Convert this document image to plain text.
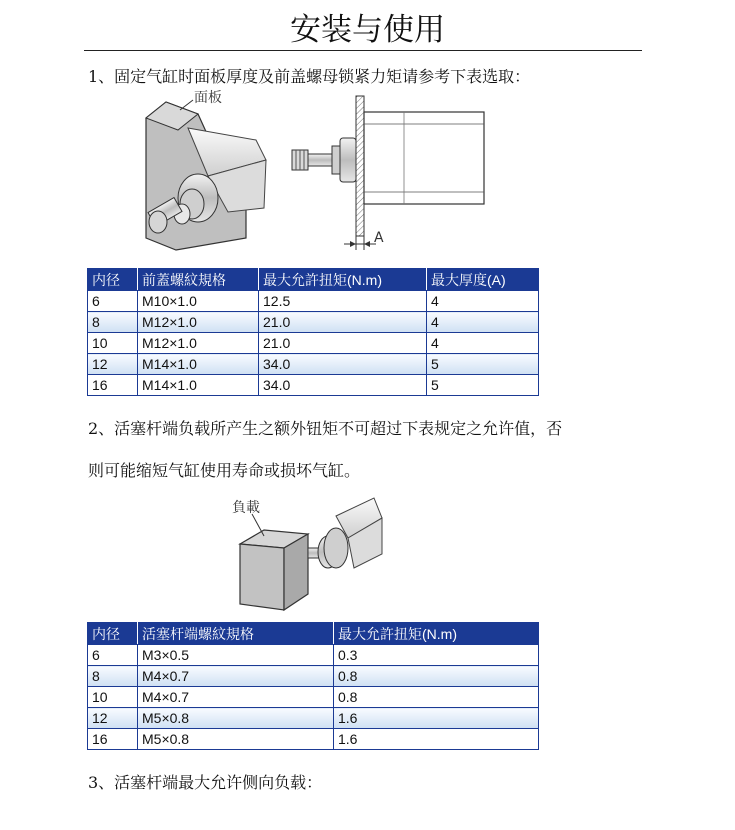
安装与使用
1、固定气缸时面板厚度及前盖螺母锁紧力矩请参考下表选取：
面板
A
内径	前蓋螺紋規格	最大允許扭矩(N.m)	最大厚度(A)
6	M10×1.0	12.5	4
8	M12×1.0	21.0	4
10	M12×1.0	21.0	4
12	M14×1.0	34.0	5
16	M14×1.0	34.0	5
2、活塞杆端负载所产生之额外钮矩不可超过下表规定之允许值，否
则可能缩短气缸使用寿命或损坏气缸。
負載
内径	活塞杆端螺紋規格	最大允許扭矩(N.m)
6	M3×0.5	0.3
8	M4×0.7	0.8
10	M4×0.7	0.8
12	M5×0.8	1.6
16	M5×0.8	1.6
3、活塞杆端最大允许侧向负载：
